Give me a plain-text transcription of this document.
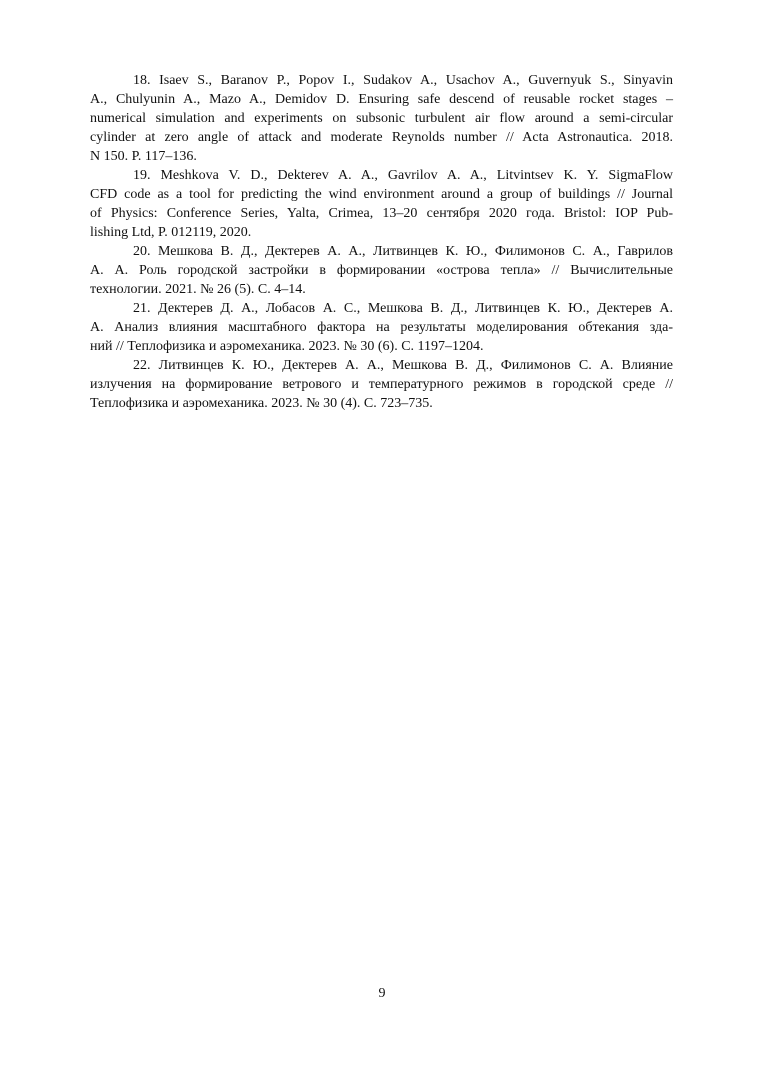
18. Isaev S., Baranov P., Popov I., Sudakov A., Usachov A., Guvernyuk S., Sinyavin
A., Chulyunin A., Mazo A., Demidov D. Ensuring safe descend of reusable rocket stages –
numerical simulation and experiments on subsonic turbulent air flow around a semi-circular
cylinder at zero angle of attack and moderate Reynolds number // Acta Astronautica. 2018.
N 150. P. 117–136.
19. Meshkova V. D., Dekterev A. A., Gavrilov A. A., Litvintsev K. Y. SigmaFlow
CFD code as a tool for predicting the wind environment around a group of buildings // Journal
of Physics: Conference Series, Yalta, Crimea, 13–20 сентября 2020 года. Bristol: IOP Pub-
lishing Ltd, P. 012119, 2020.
20. Мешкова В. Д., Дектерев А. А., Литвинцев К. Ю., Филимонов С. А., Гаврилов
А. А. Роль городской застройки в формировании «острова тепла» // Вычислительные
технологии. 2021. № 26 (5). С. 4–14.
21. Дектерев Д. А., Лобасов А. С., Мешкова В. Д., Литвинцев К. Ю., Дектерев А.
А. Анализ влияния масштабного фактора на результаты моделирования обтекания зда-
ний // Теплофизика и аэромеханика. 2023. № 30 (6). С. 1197–1204.
22. Литвинцев К. Ю., Дектерев А. А., Мешкова В. Д., Филимонов С. А. Влияние
излучения на формирование ветрового и температурного режимов в городской среде //
Теплофизика и аэромеханика. 2023. № 30 (4). С. 723–735.
9
